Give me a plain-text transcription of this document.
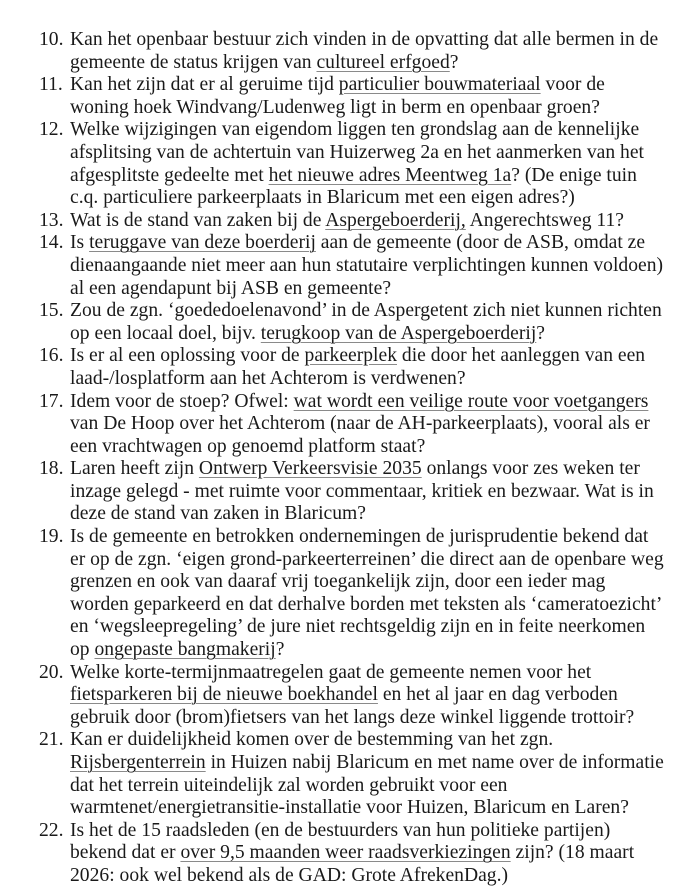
10. Kan het openbaar bestuur zich vinden in de opvatting dat alle bermen in de gemeente de status krijgen van cultureel erfgoed?
11. Kan het zijn dat er al geruime tijd particulier bouwmateriaal voor de woning hoek Windvang/Ludenweg ligt in berm en openbaar groen?
12. Welke wijzigingen van eigendom liggen ten grondslag aan de kennelijke afsplitsing van de achtertuin van Huizerweg 2a en het aanmerken van het afgesplitste gedeelte met het nieuwe adres Meentweg 1a? (De enige tuin c.q. particuliere parkeerplaats in Blaricum met een eigen adres?)
13. Wat is de stand van zaken bij de Aspergeboerderij, Angerechtsweg 11?
14. Is teruggave van deze boerderij aan de gemeente (door de ASB, omdat ze dienaangaande niet meer aan hun statutaire verplichtingen kunnen voldoen) al een agendapunt bij ASB en gemeente?
15. Zou de zgn. ‘goededoelenavond’ in de Aspergetent zich niet kunnen richten op een locaal doel, bijv. terugkoop van de Aspergeboerderij?
16. Is er al een oplossing voor de parkeerplek die door het aanleggen van een laad-/losplatform aan het Achterom is verdwenen?
17. Idem voor de stoep? Ofwel: wat wordt een veilige route voor voetgangers van De Hoop over het Achterom (naar de AH-parkeerplaats), vooral als er een vrachtwagen op genoemd platform staat?
18. Laren heeft zijn Ontwerp Verkeersvisie 2035 onlangs voor zes weken ter inzage gelegd - met ruimte voor commentaar, kritiek en bezwaar. Wat is in deze de stand van zaken in Blaricum?
19. Is de gemeente en betrokken ondernemingen de jurisprudentie bekend dat er op de zgn. ‘eigen grond-parkeerterreinen’ die direct aan de openbare weg grenzen en ook van daaraf vrij toegankelijk zijn, door een ieder mag worden geparkeerd en dat derhalve borden met teksten als ‘cameratoezicht’ en ‘wegsleepregeling’ de jure niet rechtsgeldig zijn en in feite neerkomen op ongepaste bangmakerij?
20. Welke korte-termijnmaatregelen gaat de gemeente nemen voor het fietsparkeren bij de nieuwe boekhandel en het al jaar en dag verboden gebruik door (brom)fietsers van het langs deze winkel liggende trottoir?
21. Kan er duidelijkheid komen over de bestemming van het zgn. Rijsbergenterrein in Huizen nabij Blaricum en met name over de informatie dat het terrein uiteindelijk zal worden gebruikt voor een warmtenet/energietransitie-installatie voor Huizen, Blaricum en Laren?
22. Is het de 15 raadsleden (en de bestuurders van hun politieke partijen) bekend dat er over 9,5 maanden weer raadsverkiezingen zijn? (18 maart 2026: ook wel bekend als de GAD: Grote AfrekenDag.)
